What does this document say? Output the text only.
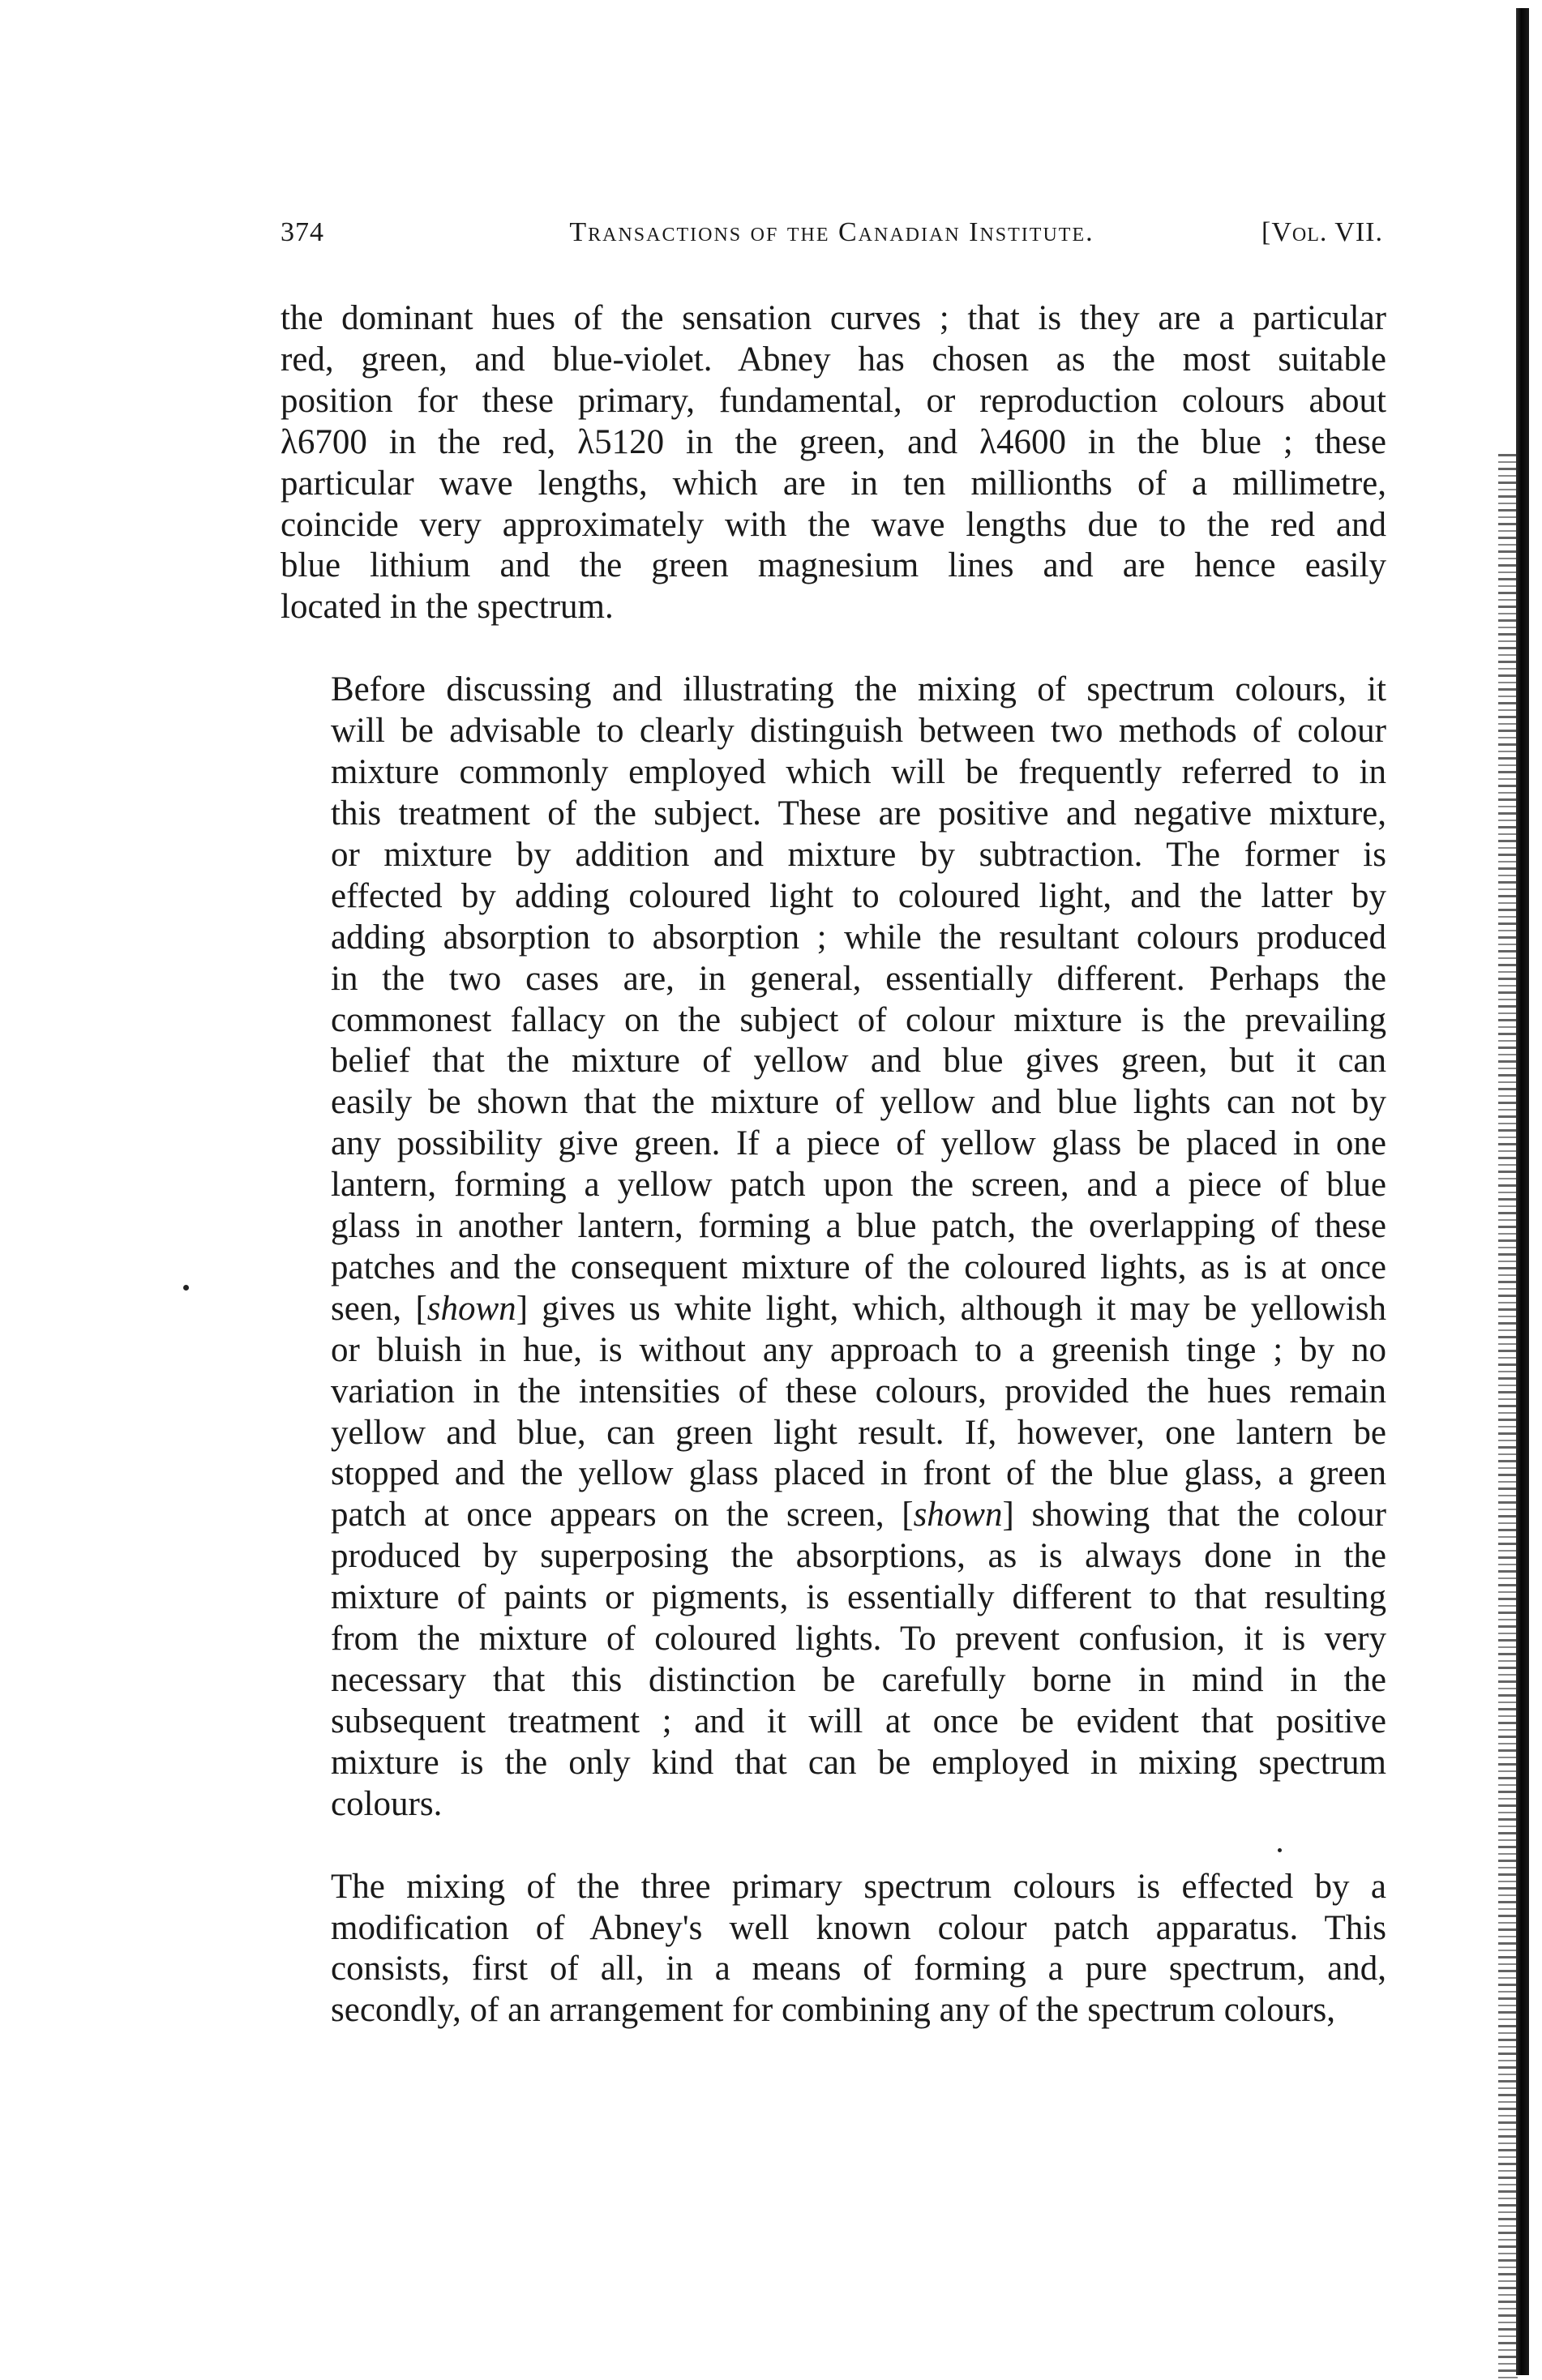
374	Transactions of the Canadian Institute.	[Vol. VII.

the dominant hues of the sensation curves ; that is they are a particular
red, green, and blue-violet. Abney has chosen as the most suitable
position for these primary, fundamental, or reproduction colours about
λ6700 in the red, λ5120 in the green, and λ4600 in the blue ; these
particular wave lengths, which are in ten millionths of a millimetre,
coincide very approximately with the wave lengths due to the red and
blue lithium and the green magnesium lines and are hence easily
located in the spectrum.

Before discussing and illustrating the mixing of spectrum colours, it
will be advisable to clearly distinguish between two methods of colour
mixture commonly employed which will be frequently referred to in
this treatment of the subject. These are positive and negative mixture,
or mixture by addition and mixture by subtraction. The former is
effected by adding coloured light to coloured light, and the latter by
adding absorption to absorption ; while the resultant colours produced
in the two cases are, in general, essentially different. Perhaps the
commonest fallacy on the subject of colour mixture is the prevailing
belief that the mixture of yellow and blue gives green, but it can
easily be shown that the mixture of yellow and blue lights can not by
any possibility give green. If a piece of yellow glass be placed in one
lantern, forming a yellow patch upon the screen, and a piece of blue
glass in another lantern, forming a blue patch, the overlapping of these
patches and the consequent mixture of the coloured lights, as is at once
seen, [shown] gives us white light, which, although it may be yellowish
or bluish in hue, is without any approach to a greenish tinge ; by no
variation in the intensities of these colours, provided the hues remain
yellow and blue, can green light result. If, however, one lantern be
stopped and the yellow glass placed in front of the blue glass, a green
patch at once appears on the screen, [shown] showing that the colour
produced by superposing the absorptions, as is always done in the
mixture of paints or pigments, is essentially different to that resulting
from the mixture of coloured lights. To prevent confusion, it is very
necessary that this distinction be carefully borne in mind in the
subsequent treatment ; and it will at once be evident that positive
mixture is the only kind that can be employed in mixing spectrum
colours.

The mixing of the three primary spectrum colours is effected by a
modification of Abney's well known colour patch apparatus. This
consists, first of all, in a means of forming a pure spectrum, and,
secondly, of an arrangement for combining any of the spectrum colours,
